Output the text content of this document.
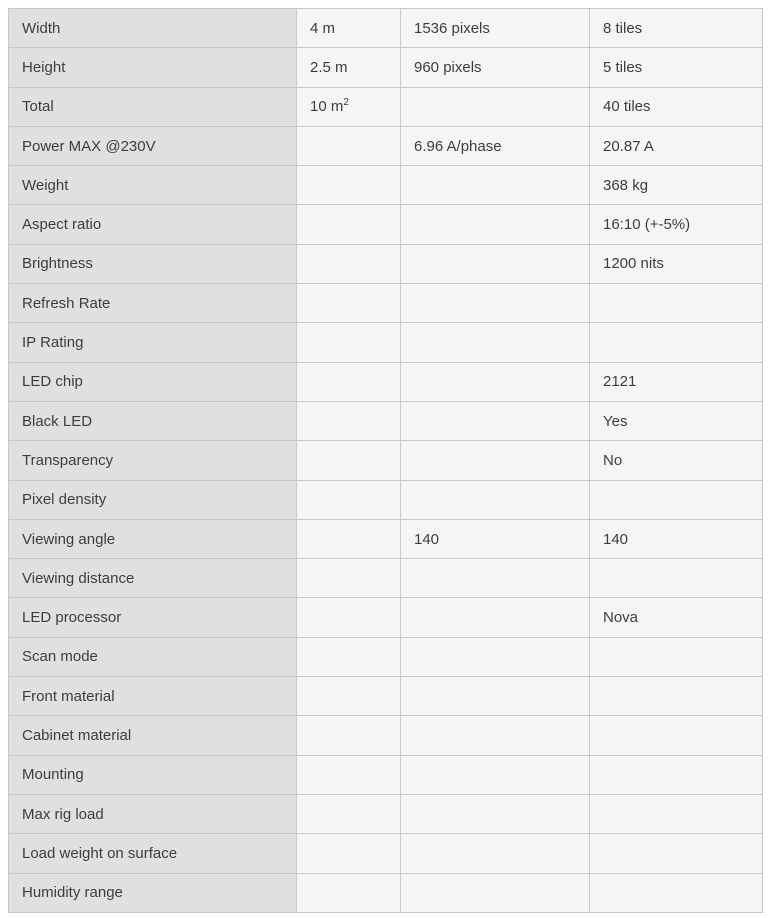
Width	4 m	1536 pixels	8 tiles
Height	2.5 m	960 pixels	5 tiles
Total	10 $m^2$		40 tiles
Power MAX @230V		6.96 A/phase	20.87 A
Weight			368 kg
Aspect ratio			16:10 (+-5%)
Brightness			1200 nits
Refresh Rate			
IP Rating			
LED chip			2121
Black LED			Yes
Transparency			No
Pixel density			
Viewing angle		140	140
Viewing distance			
LED processor			Nova
Scan mode			
Front material			
Cabinet material			
Mounting			
Max rig load			
Load weight on surface			
Humidity range			
